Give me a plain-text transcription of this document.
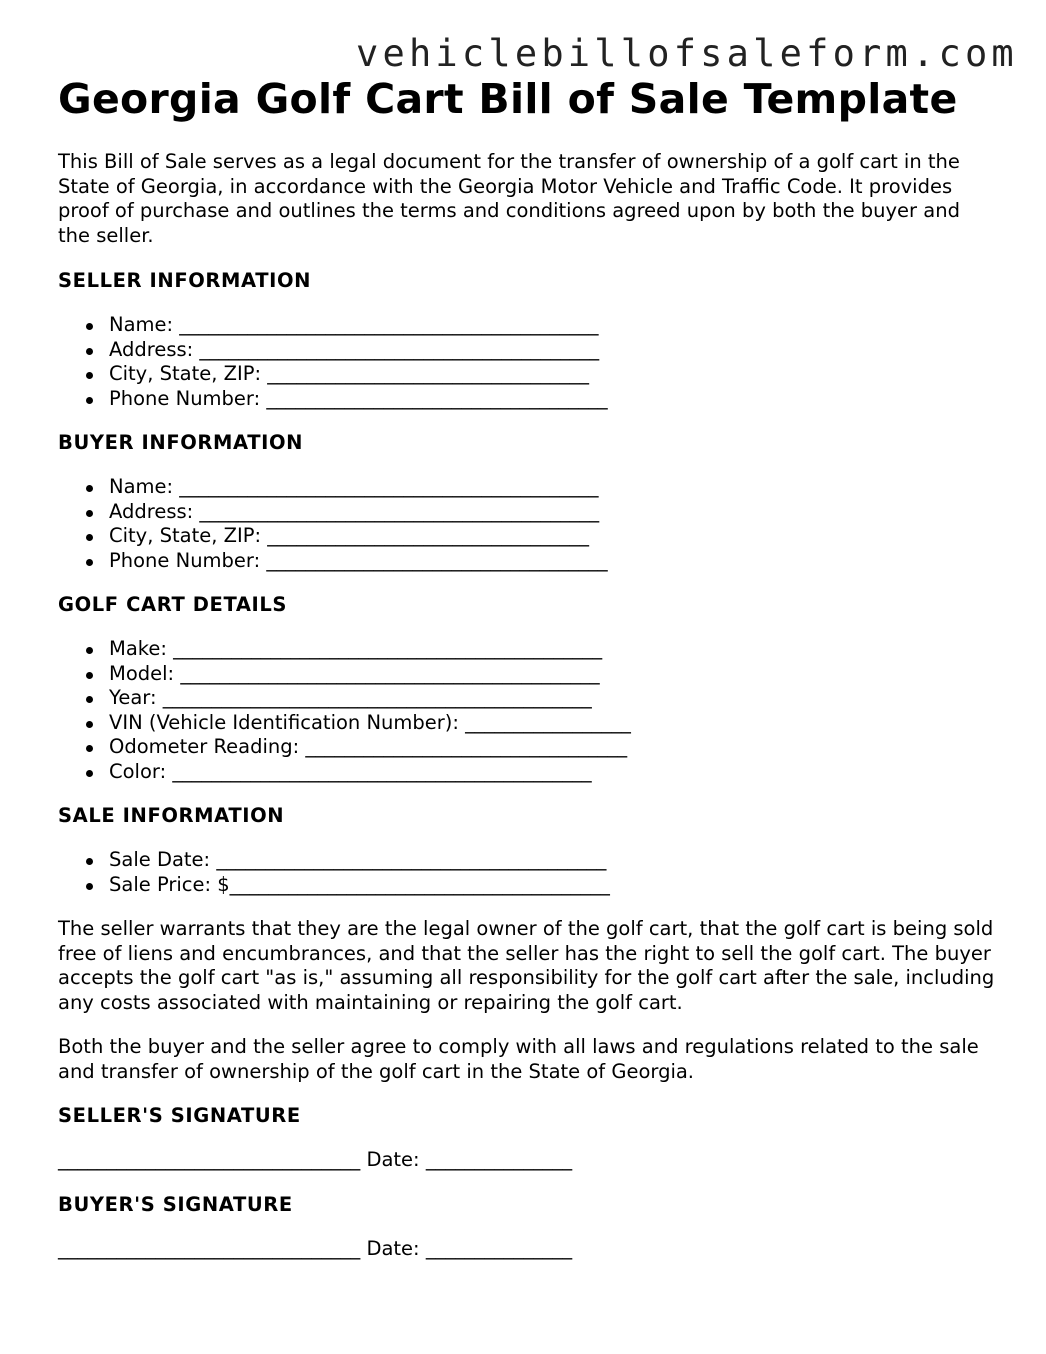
vehiclebillofsaleform.com
Georgia Golf Cart Bill of Sale Template

This Bill of Sale serves as a legal document for the transfer of ownership of a golf cart in the State of Georgia, in accordance with the Georgia Motor Vehicle and Traffic Code. It provides proof of purchase and outlines the terms and conditions agreed upon by both the buyer and the seller.

SELLER INFORMATION
Name: ___________________________________________
Address: _________________________________________
City, State, ZIP: _________________________________
Phone Number: ___________________________________
BUYER INFORMATION
Name: ___________________________________________
Address: _________________________________________
City, State, ZIP: _________________________________
Phone Number: ___________________________________
GOLF CART DETAILS
Make: ____________________________________________
Model: ___________________________________________
Year: ____________________________________________
VIN (Vehicle Identification Number): _________________
Odometer Reading: _________________________________
Color: ___________________________________________
SALE INFORMATION
Sale Date: ________________________________________
Sale Price: $_______________________________________

The seller warrants that they are the legal owner of the golf cart, that the golf cart is being sold free of liens and encumbrances, and that the seller has the right to sell the golf cart. The buyer accepts the golf cart "as is," assuming all responsibility for the golf cart after the sale, including any costs associated with maintaining or repairing the golf cart.

Both the buyer and the seller agree to comply with all laws and regulations related to the sale and transfer of ownership of the golf cart in the State of Georgia.

SELLER'S SIGNATURE
_______________________________ Date: _______________
BUYER'S SIGNATURE
_______________________________ Date: _______________
